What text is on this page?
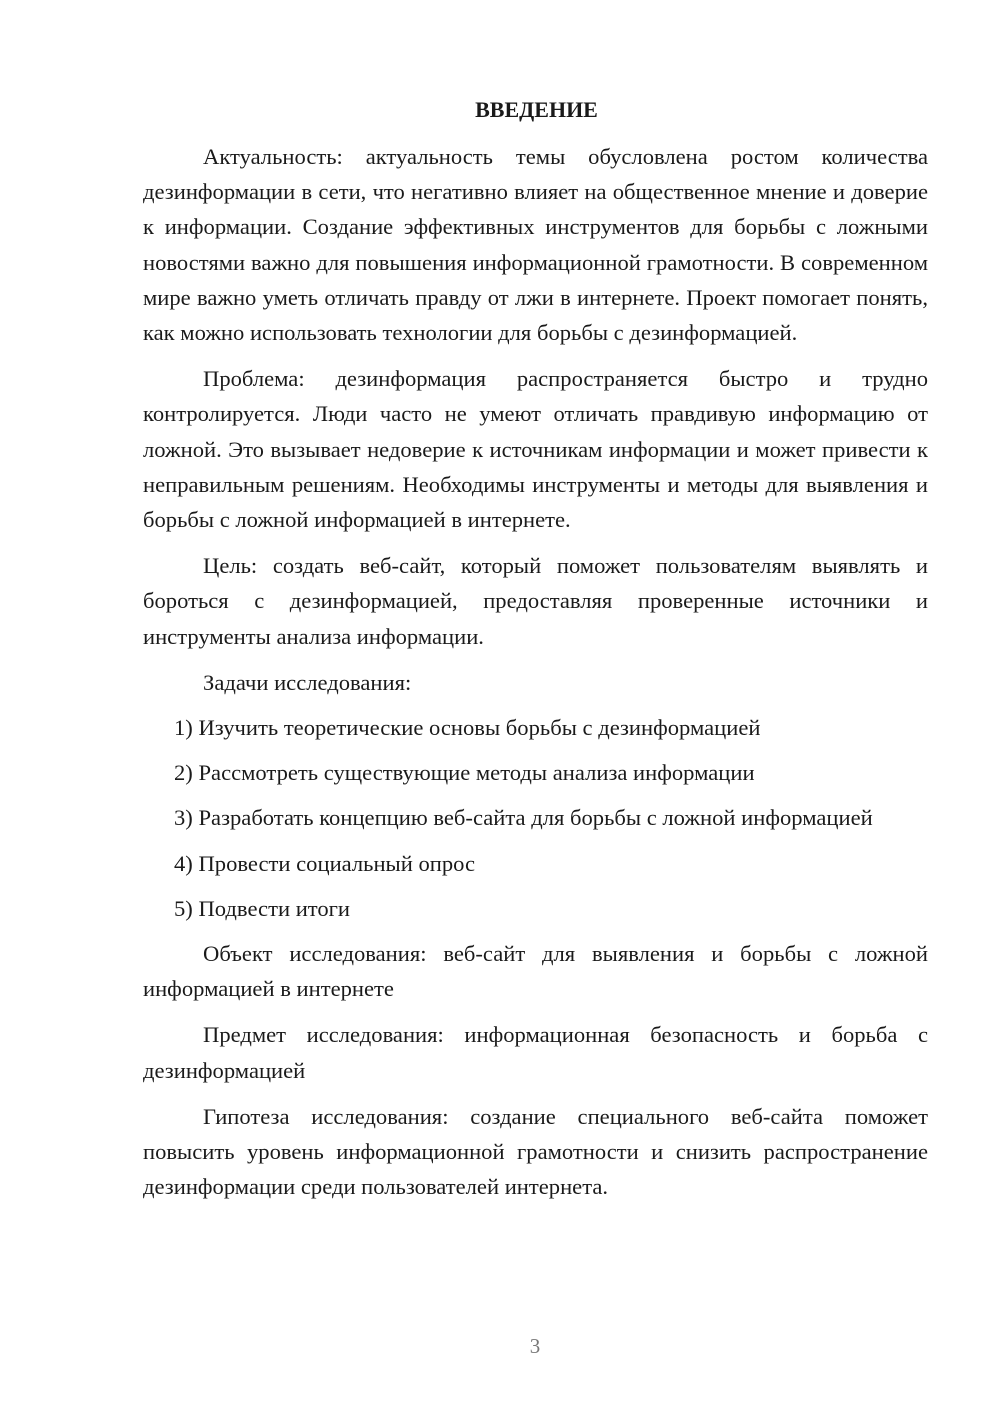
ВВЕДЕНИЕ

Актуальность: актуальность темы обусловлена ростом количества дезинформации в сети, что негативно влияет на общественное мнение и доверие к информации. Создание эффективных инструментов для борьбы с ложными новостями важно для повышения информационной грамотности. В современном мире важно уметь отличать правду от лжи в интернете. Проект помогает понять, как можно использовать технологии для борьбы с дезинформацией.

Проблема: дезинформация распространяется быстро и трудно контролируется. Люди часто не умеют отличать правдивую информацию от ложной. Это вызывает недоверие к источникам информации и может привести к неправильным решениям. Необходимы инструменты и методы для выявления и борьбы с ложной информацией в интернете.

Цель: создать веб-сайт, который поможет пользователям выявлять и бороться с дезинформацией, предоставляя проверенные источники и инструменты анализа информации.

Задачи исследования:

1) Изучить теоретические основы борьбы с дезинформацией

2) Рассмотреть существующие методы анализа информации

3) Разработать концепцию веб-сайта для борьбы с ложной информацией

4) Провести социальный опрос

5) Подвести итоги

Объект исследования: веб-сайт для выявления и борьбы с ложной информацией в интернете

Предмет исследования: информационная безопасность и борьба с дезинформацией

Гипотеза исследования: создание специального веб-сайта поможет повысить уровень информационной грамотности и снизить распространение дезинформации среди пользователей интернета.

3
